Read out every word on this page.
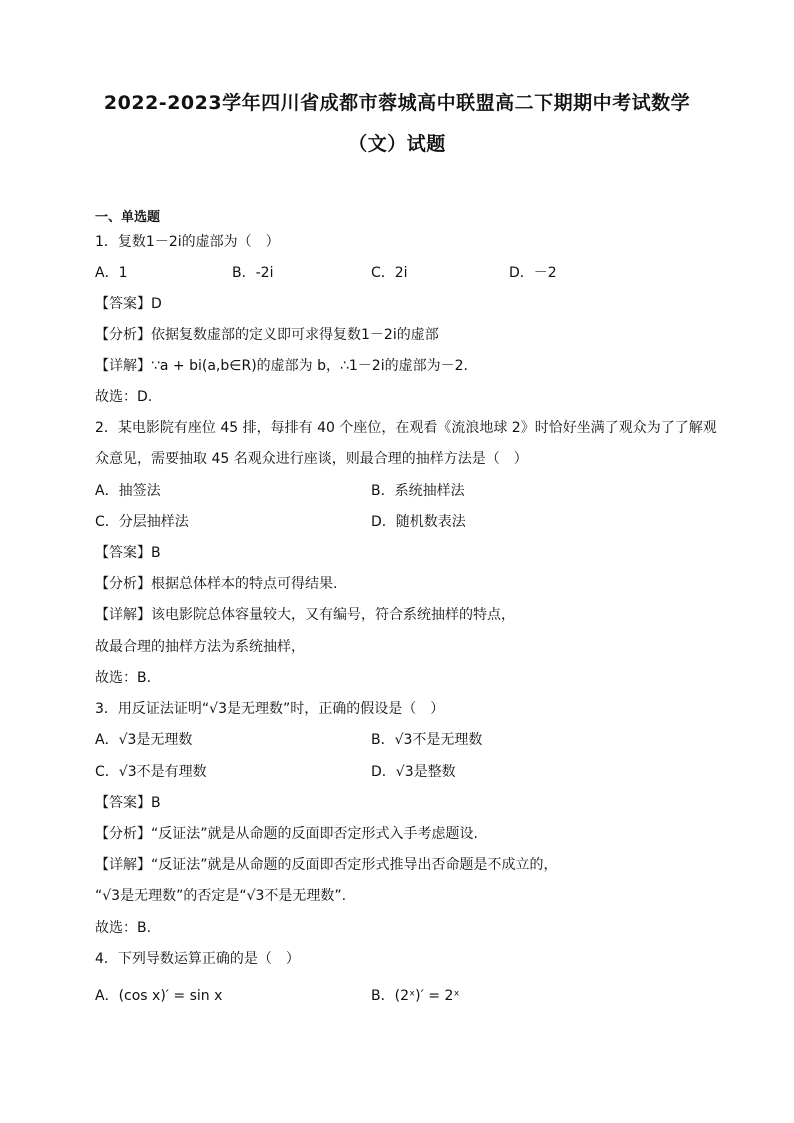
2022-2023学年四川省成都市蓉城高中联盟高二下期期中考试数学
（文）试题
一、单选题
1．复数1－2i的虚部为（　）
A．1	B．-2i	C．2i	D．－2
【答案】D
【分析】依据复数虚部的定义即可求得复数1－2i的虚部
【详解】∵a + bi(a,b∈R)的虚部为 b，∴1－2i的虚部为－2.
故选：D.
2．某电影院有座位 45 排，每排有 40 个座位，在观看《流浪地球 2》时恰好坐满了观众为了了解观
众意见，需要抽取 45 名观众进行座谈，则最合理的抽样方法是（　）
A．抽签法	B．系统抽样法
C．分层抽样法	D．随机数表法
【答案】B
【分析】根据总体样本的特点可得结果.
【详解】该电影院总体容量较大，又有编号，符合系统抽样的特点，
故最合理的抽样方法为系统抽样，
故选：B.
3．用反证法证明“√3是无理数”时，正确的假设是（　）
A．√3是无理数	B．√3不是无理数
C．√3不是有理数	D．√3是整数
【答案】B
【分析】“反证法”就是从命题的反面即否定形式入手考虑题设.
【详解】“反证法”就是从命题的反面即否定形式推导出否命题是不成立的，
“√3是无理数”的否定是“√3不是无理数”.
故选：B.
4．下列导数运算正确的是（　）
A．(cos x)′ = sin x	B．(2ˣ)′ = 2ˣ
